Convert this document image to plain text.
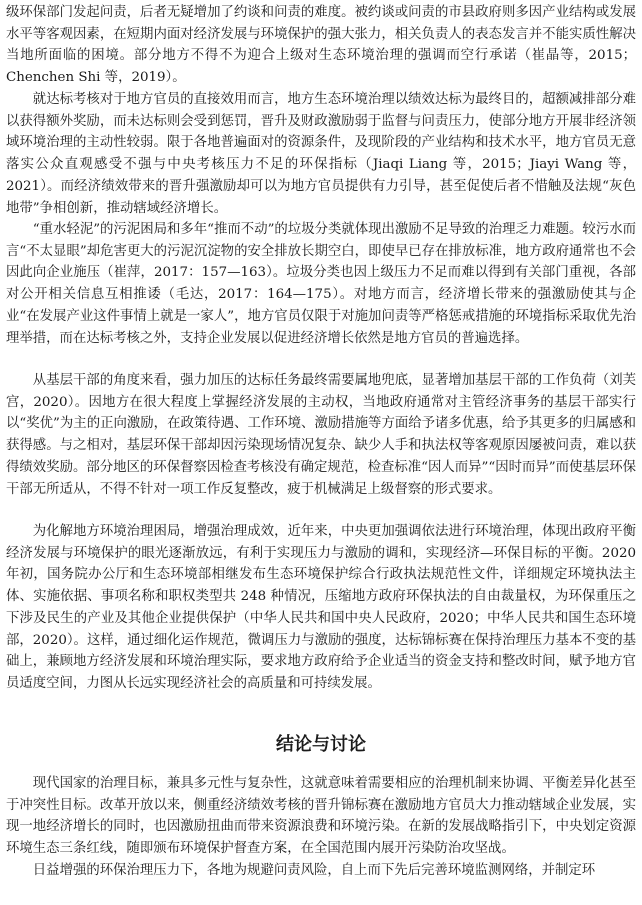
级环保部门发起问责，后者无疑增加了约谈和问责的难度。被约谈或问责的市县政府则多因产业结构或发展水平等客观因素，在短期内面对经济发展与环境保护的强大张力，相关负责人的表态发言并不能实质性解决当地所面临的困境。部分地方不得不为迎合上级对生态环境治理的强调而空行承诺（崔晶等，2015；Chenchen Shi 等，2019）。

就达标考核对于地方官员的直接效用而言，地方生态环境治理以绩效达标为最终目的，超额减排部分难以获得额外奖励，而未达标则会受到惩罚，晋升及财政激励弱于监督与问责压力，使部分地方开展非经济领域环境治理的主动性较弱。限于各地普遍面对的资源条件，及现阶段的产业结构和技术水平，地方官员无意落实公众直观感受不强与中央考核压力不足的环保指标（Jiaqi Liang 等，2015；Jiayi Wang 等，2021）。而经济绩效带来的晋升强激励却可以为地方官员提供有力引导，甚至促使后者不惜触及法规“灰色地带”争相创新，推动辖域经济增长。

“重水轻泥”的污泥困局和多年“推而不动”的垃圾分类就体现出激励不足导致的治理乏力难题。较污水而言“不太显眼”却危害更大的污泥沉淀物的安全排放长期空白，即使早已存在排放标准，地方政府通常也不会因此向企业施压（崔萍，2017：157—163）。垃圾分类也因上级压力不足而难以得到有关部门重视，各部对公开相关信息互相推诿（毛达，2017：164—175）。对地方而言，经济增长带来的强激励使其与企业“在发展产业这件事情上就是一家人”，地方官员仅限于对施加问责等严格惩戒措施的环境指标采取优先治理举措，而在达标考核之外，支持企业发展以促进经济增长依然是地方官员的普遍选择。

从基层干部的角度来看，强力加压的达标任务最终需要属地兜底，显著增加基层干部的工作负荷（刘芙宫，2020）。因地方在很大程度上掌握经济发展的主动权，当地政府通常对主管经济事务的基层干部实行以“奖优”为主的正向激励，在政策待遇、工作环境、激励措施等方面给予诸多优惠，给予其更多的归属感和获得感。与之相对，基层环保干部却因污染现场情况复杂、缺少人手和执法权等客观原因屡被问责，难以获得绩效奖励。部分地区的环保督察因检查考核没有确定规范，检查标准“因人而异”“因时而异”而使基层环保干部无所适从，不得不针对一项工作反复整改，疲于机械满足上级督察的形式要求。

为化解地方环境治理困局，增强治理成效，近年来，中央更加强调依法进行环境治理，体现出政府平衡经济发展与环境保护的眼光逐渐放远，有利于实现压力与激励的调和，实现经济—环保目标的平衡。2020 年初，国务院办公厅和生态环境部相继发布生态环境保护综合行政执法规范性文件，详细规定环境执法主体、实施依据、事项名称和职权类型共 248 种情况，压缩地方政府环保执法的自由裁量权，为环保重压之下涉及民生的产业及其他企业提供保护（中华人民共和国中央人民政府，2020；中华人民共和国生态环境部，2020）。这样，通过细化运作规范，微调压力与激励的强度，达标锦标赛在保持治理压力基本不变的基础上，兼顾地方经济发展和环境治理实际，要求地方政府给予企业适当的资金支持和整改时间，赋予地方官员适度空间，力图从长远实现经济社会的高质量和可持续发展。

结论与讨论

现代国家的治理目标，兼具多元性与复杂性，这就意味着需要相应的治理机制来协调、平衡差异化甚至于冲突性目标。改革开放以来，侧重经济绩效考核的晋升锦标赛在激励地方官员大力推动辖域企业发展，实现一地经济增长的同时，也因激励扭曲而带来资源浪费和环境污染。在新的发展战略指引下，中央划定资源环境生态三条红线，随即颁布环境保护督查方案，在全国范围内展开污染防治攻坚战。

日益增强的环保治理压力下，各地为规避问责风险，自上而下先后完善环境监测网络，并制定环
